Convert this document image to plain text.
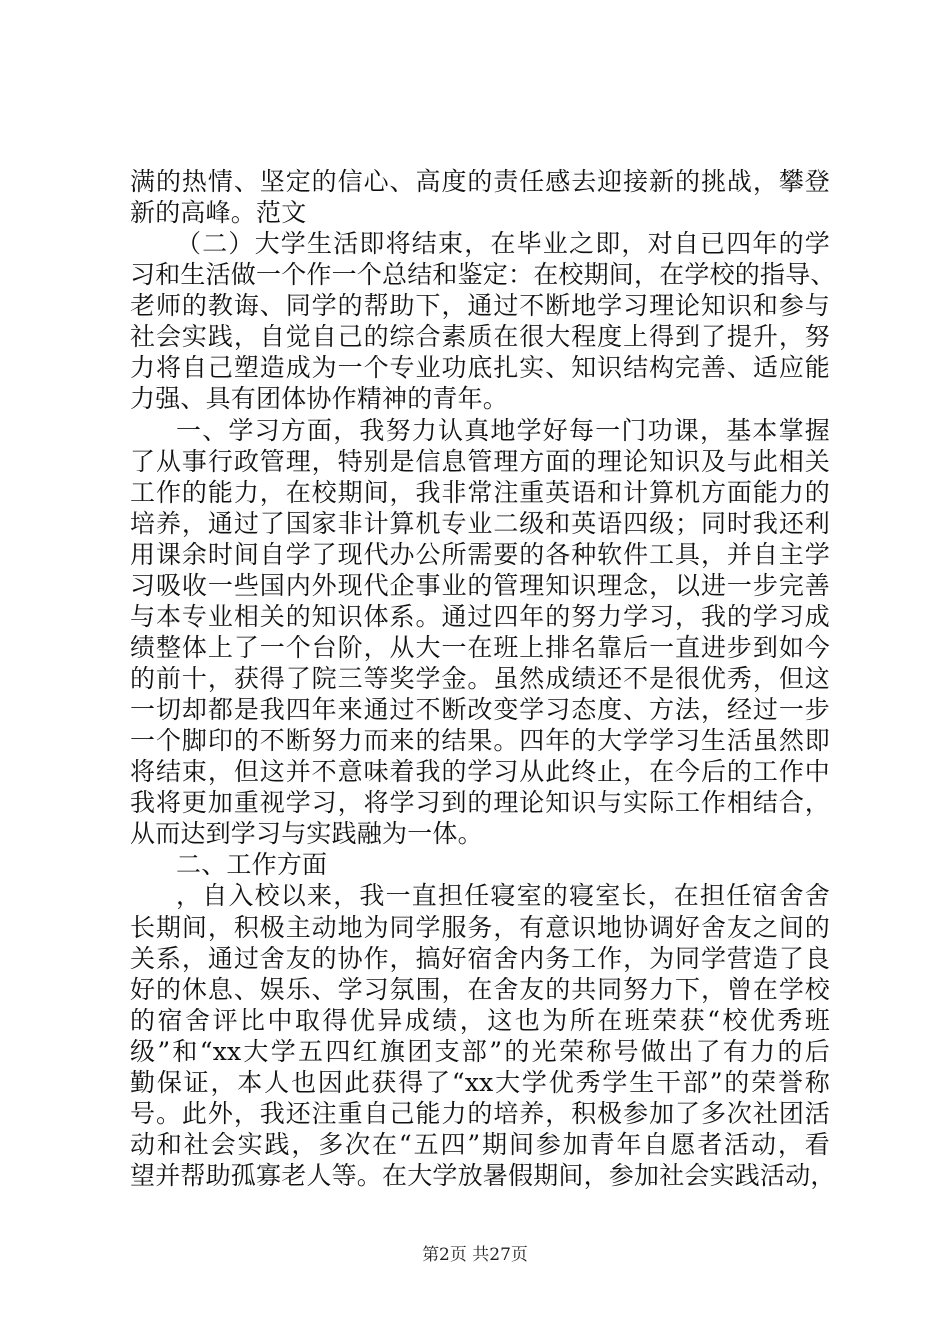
满的热情、坚定的信心、高度的责任感去迎接新的挑战，攀登
新的高峰。范文
（二）大学生活即将结束，在毕业之即，对自已四年的学
习和生活做一个作一个总结和鉴定：在校期间，在学校的指导、
老师的教诲、同学的帮助下，通过不断地学习理论知识和参与
社会实践，自觉自己的综合素质在很大程度上得到了提升，努
力将自己塑造成为一个专业功底扎实、知识结构完善、适应能
力强、具有团体协作精神的青年。
一、学习方面，我努力认真地学好每一门功课，基本掌握
了从事行政管理，特别是信息管理方面的理论知识及与此相关
工作的能力，在校期间，我非常注重英语和计算机方面能力的
培养，通过了国家非计算机专业二级和英语四级；同时我还利
用课余时间自学了现代办公所需要的各种软件工具，并自主学
习吸收一些国内外现代企事业的管理知识理念，以进一步完善
与本专业相关的知识体系。通过四年的努力学习，我的学习成
绩整体上了一个台阶，从大一在班上排名靠后一直进步到如今
的前十，获得了院三等奖学金。虽然成绩还不是很优秀，但这
一切却都是我四年来通过不断改变学习态度、方法，经过一步
一个脚印的不断努力而来的结果。四年的大学学习生活虽然即
将结束，但这并不意味着我的学习从此终止，在今后的工作中
我将更加重视学习，将学习到的理论知识与实际工作相结合，
从而达到学习与实践融为一体。
二、工作方面
，自入校以来，我一直担任寝室的寝室长，在担任宿舍舍
长期间，积极主动地为同学服务，有意识地协调好舍友之间的
关系，通过舍友的协作，搞好宿舍内务工作，为同学营造了良
好的休息、娱乐、学习氛围，在舍友的共同努力下，曾在学校
的宿舍评比中取得优异成绩，这也为所在班荣获“校优秀班
级”和“xx大学五四红旗团支部”的光荣称号做出了有力的后
勤保证，本人也因此获得了“xx大学优秀学生干部”的荣誉称
号。此外，我还注重自己能力的培养，积极参加了多次社团活
动和社会实践，多次在“五四”期间参加青年自愿者活动，看
望并帮助孤寡老人等。在大学放暑假期间，参加社会实践活动，
第2页 共27页
